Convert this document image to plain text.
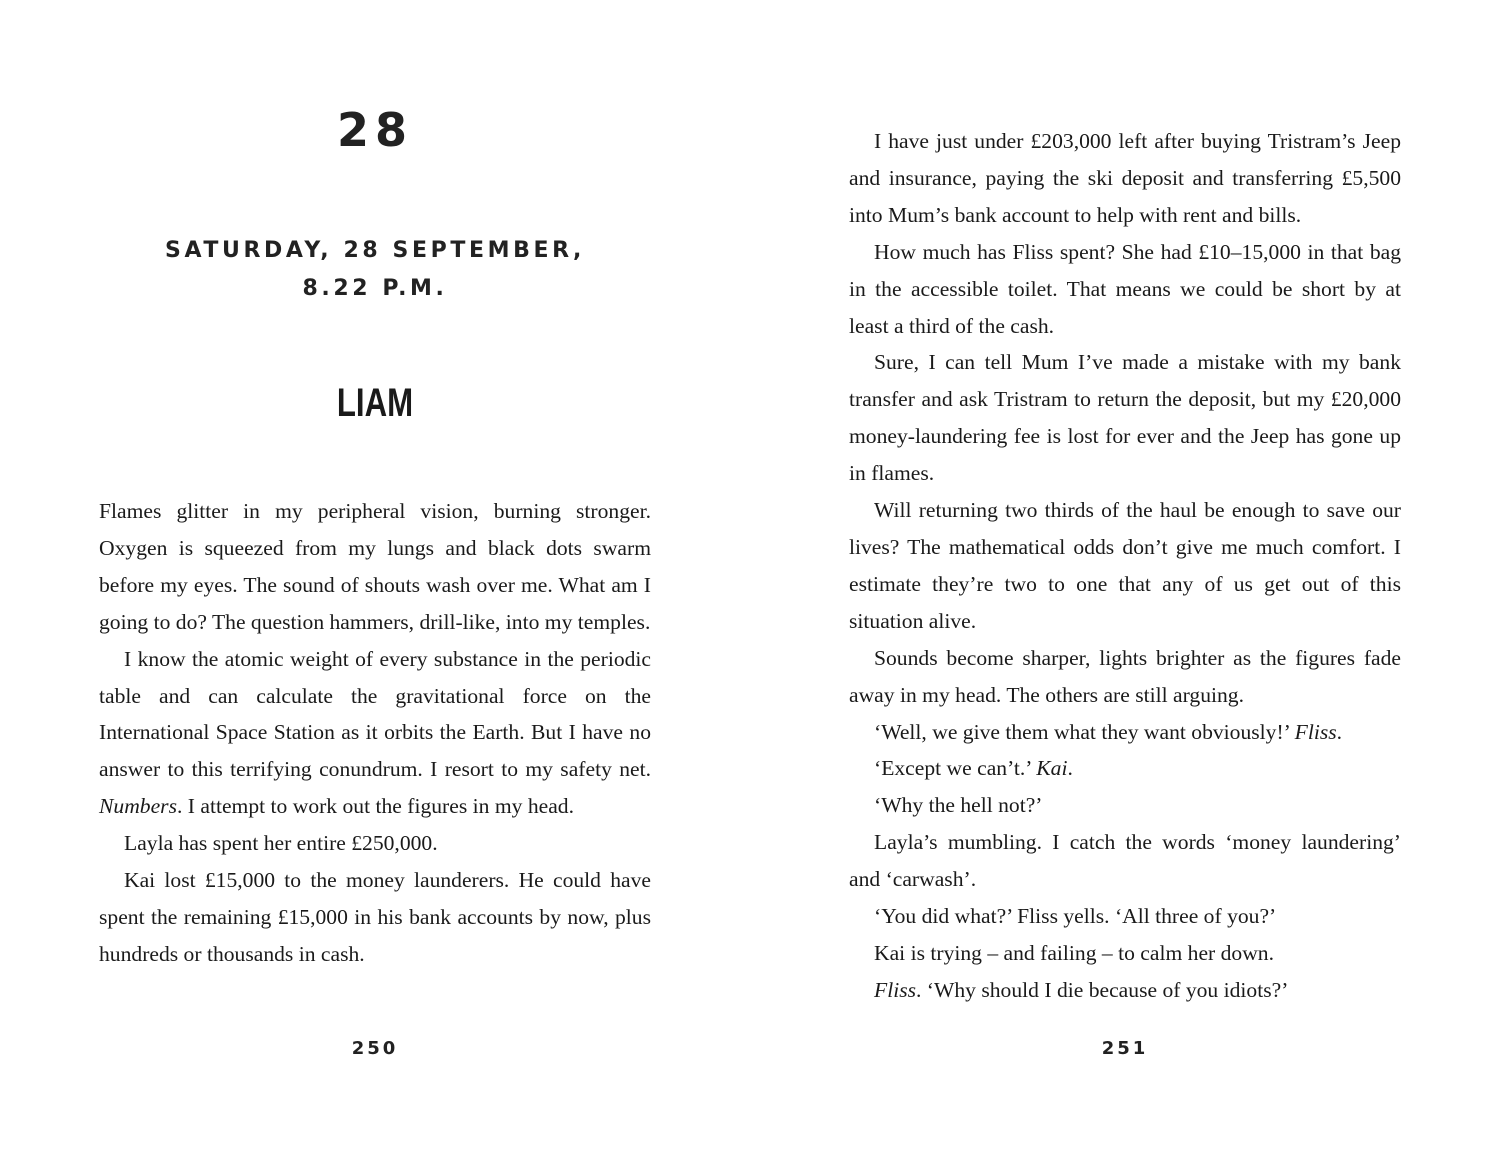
28
SATURDAY, 28 SEPTEMBER,
8.22 P.M.
LIAM

Flames glitter in my peripheral vision, burning stronger. Oxygen is squeezed from my lungs and black dots swarm before my eyes. The sound of shouts wash over me. What am I going to do? The question hammers, drill-like, into my temples.

I know the atomic weight of every substance in the periodic table and can calculate the gravitational force on the International Space Station as it orbits the Earth. But I have no answer to this terrifying conundrum. I resort to my safety net. Numbers. I attempt to work out the figures in my head.

Layla has spent her entire £250,000.

Kai lost £15,000 to the money launderers. He could have spent the remaining £15,000 in his bank accounts by now, plus hundreds or thousands in cash.

250

I have just under £203,000 left after buying Tristram’s Jeep and insurance, paying the ski deposit and transferring £5,500 into Mum’s bank account to help with rent and bills.

How much has Fliss spent? She had £10–15,000 in that bag in the accessible toilet. That means we could be short by at least a third of the cash.

Sure, I can tell Mum I’ve made a mistake with my bank transfer and ask Tristram to return the deposit, but my £20,000 money-laundering fee is lost for ever and the Jeep has gone up in flames.

Will returning two thirds of the haul be enough to save our lives? The mathematical odds don’t give me much comfort. I estimate they’re two to one that any of us get out of this situation alive.

Sounds become sharper, lights brighter as the figures fade away in my head. The others are still arguing.

‘Well, we give them what they want obviously!’ Fliss.

‘Except we can’t.’ Kai.

‘Why the hell not?’

Layla’s mumbling. I catch the words ‘money laundering’ and ‘carwash’.

‘You did what?’ Fliss yells. ‘All three of you?’

Kai is trying – and failing – to calm her down.

Fliss. ‘Why should I die because of you idiots?’

251
